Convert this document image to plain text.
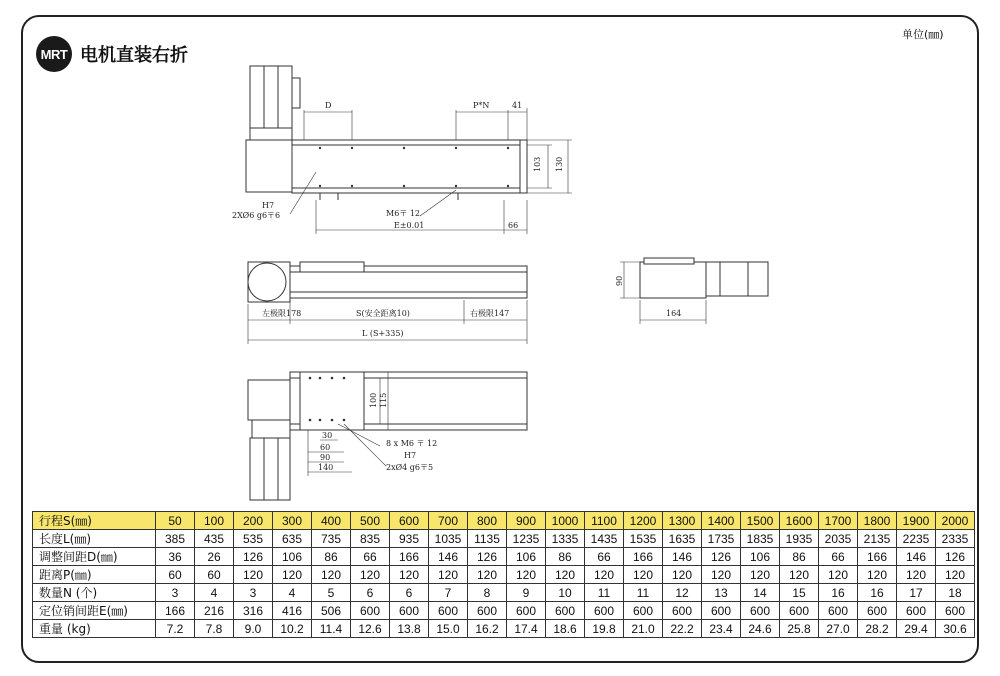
MRT 电机直装右折
单位(㎜)
D	P*N	41
103 130
H7
2XØ6 g6〒6	M6〒 12
E±0.01	66
左极限178	S(安全距离10)	右极限147
L (S+335)
90
164
100 115
30
60
90
140
8 x M6 〒 12
H7
2xØ4 g6〒5
行程S(㎜)	50	100	200	300	400	500	600	700	800	900	1000	1100	1200	1300	1400	1500	1600	1700	1800	1900	2000
长度L(㎜)	385	435	535	635	735	835	935	1035	1135	1235	1335	1435	1535	1635	1735	1835	1935	2035	2135	2235	2335
调整间距D(㎜)	36	26	126	106	86	66	166	146	126	106	86	66	166	146	126	106	86	66	166	146	126
距离P(㎜)	60	60	120	120	120	120	120	120	120	120	120	120	120	120	120	120	120	120	120	120	120
数量N (个)	3	4	3	4	5	6	6	7	8	9	10	11	11	12	13	14	15	16	16	17	18
定位销间距E(㎜)	166	216	316	416	506	600	600	600	600	600	600	600	600	600	600	600	600	600	600	600	600
重量 (kg)	7.2	7.8	9.0	10.2	11.4	12.6	13.8	15.0	16.2	17.4	18.6	19.8	21.0	22.2	23.4	24.6	25.8	27.0	28.2	29.4	30.6
